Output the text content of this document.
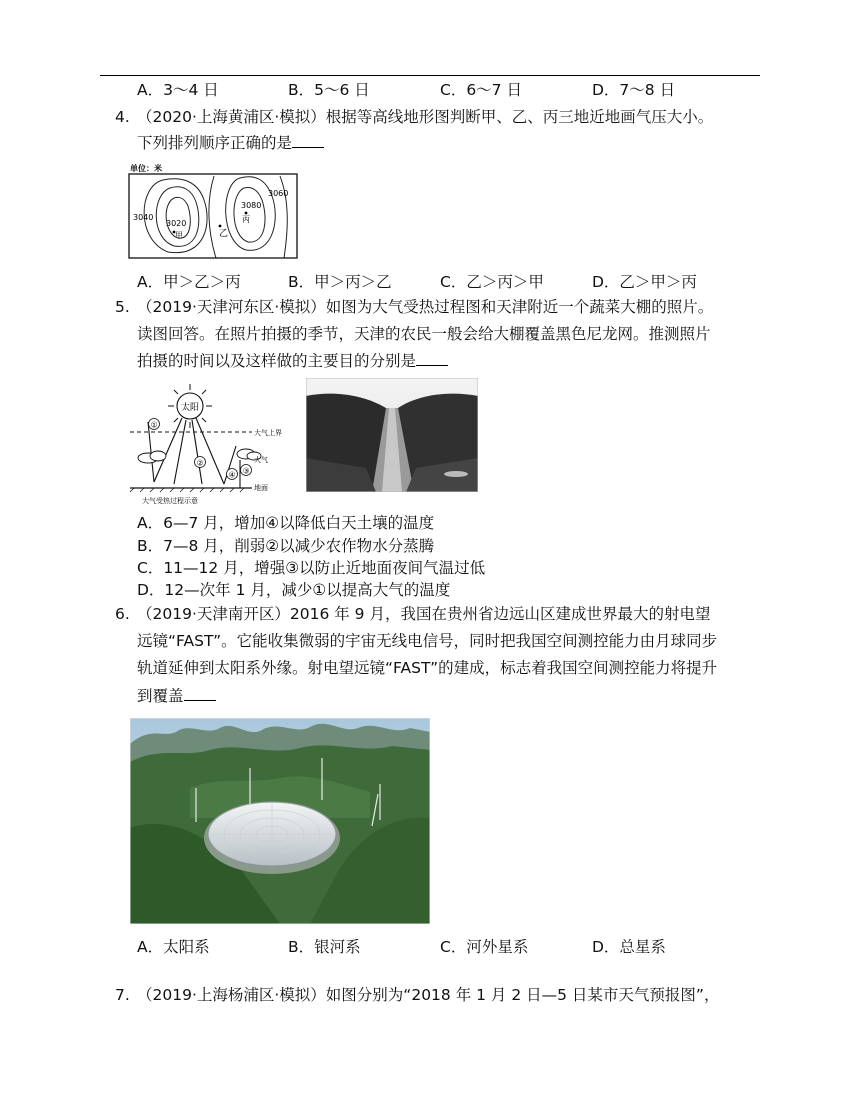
A．3～4 日	B．5～6 日	C．6～7 日	D．7～8 日
4. （2020·上海黄浦区·模拟）根据等高线地形图判断甲、乙、丙三地近地画气压大小。
下列排列顺序正确的是
单位：米
3040
3020
甲	乙
3060
3080
丙
A．甲＞乙＞丙	B．甲＞丙＞乙	C．乙＞丙＞甲	D．乙＞甲＞丙
5. （2019·天津河东区·模拟）如图为大气受热过程图和天津附近一个蔬菜大棚的照片。
读图回答。在照片拍摄的季节，天津的农民一般会给大棚覆盖黑色尼龙网。推测照片
拍摄的时间以及这样做的主要目的分别是
太阳
大气上界
①
②
③
④
大气
地面
大气受热过程示意
A．6—7 月，增加④以降低白天土壤的温度
B．7—8 月，削弱②以减少农作物水分蒸腾
C．11—12 月，增强③以防止近地面夜间气温过低
D．12—次年 1 月，减少①以提高大气的温度
6. （2019·天津南开区）2016 年 9 月，我国在贵州省边远山区建成世界最大的射电望
远镜“FAST”。它能收集微弱的宇宙无线电信号，同时把我国空间测控能力由月球同步
轨道延伸到太阳系外缘。射电望远镜“FAST”的建成，标志着我国空间测控能力将提升
到覆盖
A．太阳系	B．银河系	C．河外星系	D．总星系
7. （2019·上海杨浦区·模拟）如图分别为“2018 年 1 月 2 日—5 日某市天气预报图”，
